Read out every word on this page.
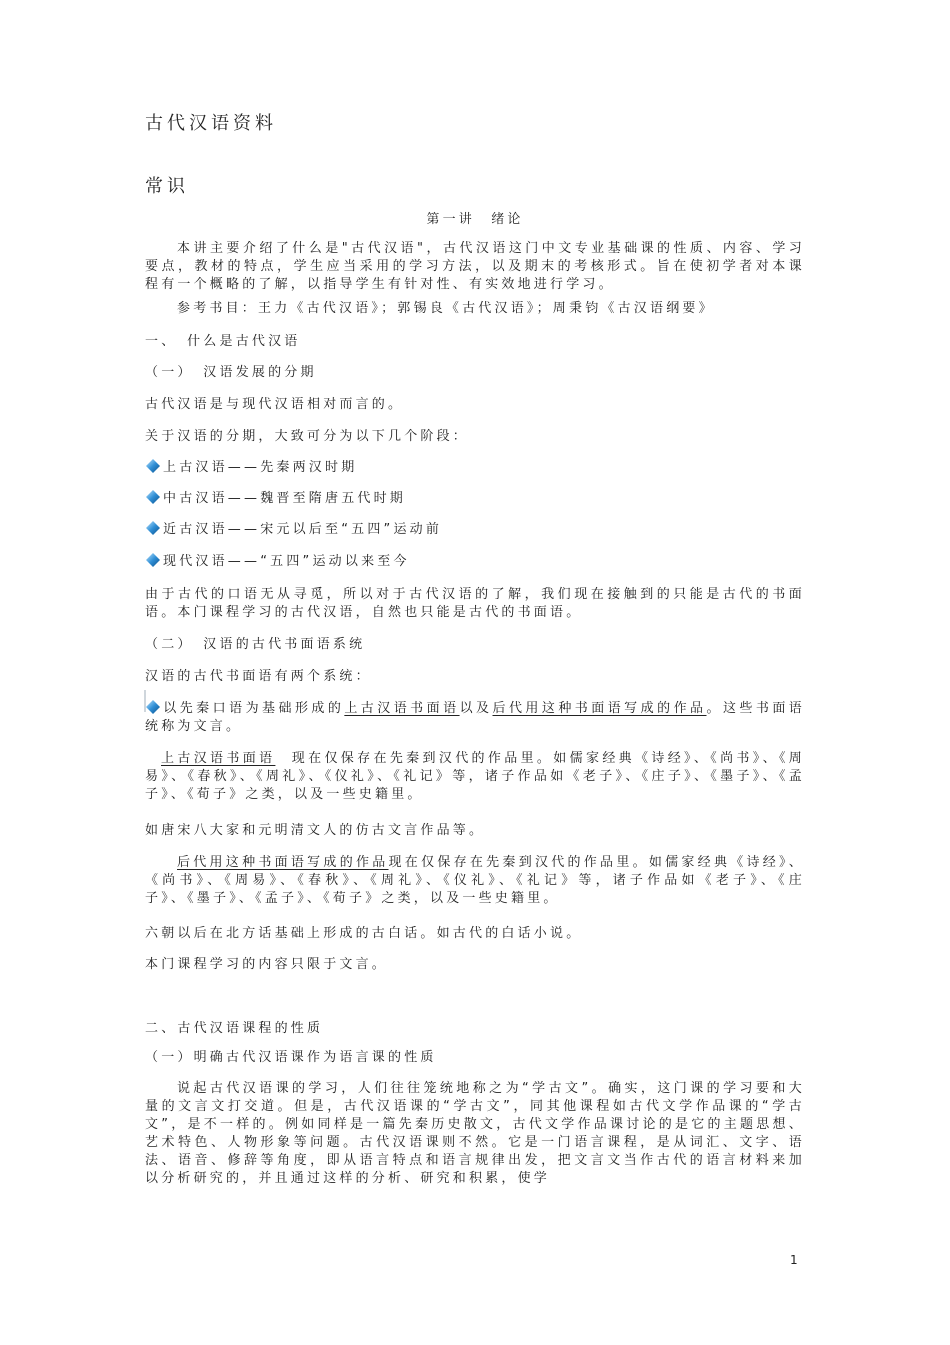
古代汉语资料
常识
第一讲　绪论
本讲主要介绍了什么是"古代汉语"，古代汉语这门中文专业基础课的性质、内容、学习要点，教材的特点，学生应当采用的学习方法，以及期末的考核形式。旨在使初学者对本课程有一个概略的了解，以指导学生有针对性、有实效地进行学习。
参考书目：王力《古代汉语》；郭锡良《古代汉语》；周秉钧《古汉语纲要》
一、　什么是古代汉语
（一）　汉语发展的分期
古代汉语是与现代汉语相对而言的。
关于汉语的分期，大致可分为以下几个阶段：
上古汉语——先秦两汉时期
中古汉语——魏晋至隋唐五代时期
近古汉语——宋元以后至“五四”运动前
现代汉语——“五四”运动以来至今
由于古代的口语无从寻觅，所以对于古代汉语的了解，我们现在接触到的只能是古代的书面语。本门课程学习的古代汉语，自然也只能是古代的书面语。
（二）　汉语的古代书面语系统
汉语的古代书面语有两个系统：
以先秦口语为基础形成的上古汉语书面语以及后代用这种书面语写成的作品。这些书面语统称为文言。
上古汉语书面语　现在仅保存在先秦到汉代的作品里。如儒家经典《诗经》、《尚书》、《周易》、《春秋》、《周礼》、《仪礼》、《礼记》等，诸子作品如《老子》、《庄子》、《墨子》、《孟子》、《荀子》之类，以及一些史籍里。
如唐宋八大家和元明清文人的仿古文言作品等。
后代用这种书面语写成的作品现在仅保存在先秦到汉代的作品里。如儒家经典《诗经》、《尚书》、《周易》、《春秋》、《周礼》、《仪礼》、《礼记》等，诸子作品如《老子》、《庄子》、《墨子》、《孟子》、《荀子》之类，以及一些史籍里。
六朝以后在北方话基础上形成的古白话。如古代的白话小说。
本门课程学习的内容只限于文言。
二、古代汉语课程的性质
（一）明确古代汉语课作为语言课的性质
说起古代汉语课的学习，人们往往笼统地称之为“学古文”。确实，这门课的学习要和大量的文言文打交道。但是，古代汉语课的“学古文”，同其他课程如古代文学作品课的“学古文”，是不一样的。例如同样是一篇先秦历史散文，古代文学作品课讨论的是它的主题思想、艺术特色、人物形象等问题。古代汉语课则不然。它是一门语言课程，是从词汇、文字、语法、语音、修辞等角度，即从语言特点和语言规律出发，把文言文当作古代的语言材料来加以分析研究的，并且通过这样的分析、研究和积累，使学
1
